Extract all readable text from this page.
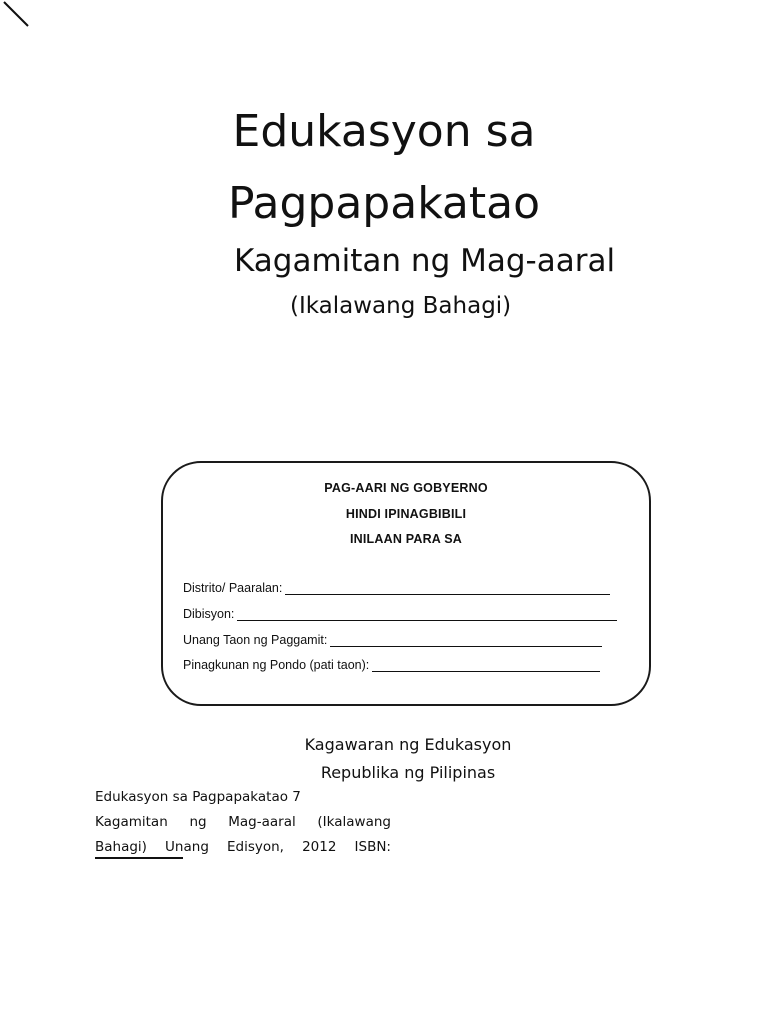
Edukasyon sa
Pagpapakatao
Kagamitan ng Mag-aaral
(Ikalawang Bahagi)
PAG-AARI NG GOBYERNO
HINDI IPINAGBIBILI
INILAAN PARA SA
Distrito/ Paaralan:
Dibisyon:
Unang Taon ng Paggamit:
Pinagkunan ng Pondo (pati taon):
Kagawaran ng Edukasyon
Republika ng Pilipinas
Edukasyon sa Pagpapakatao 7
Kagamitan ng Mag-aaral (Ikalawang
Bahagi) Unang Edisyon, 2012 ISBN:
